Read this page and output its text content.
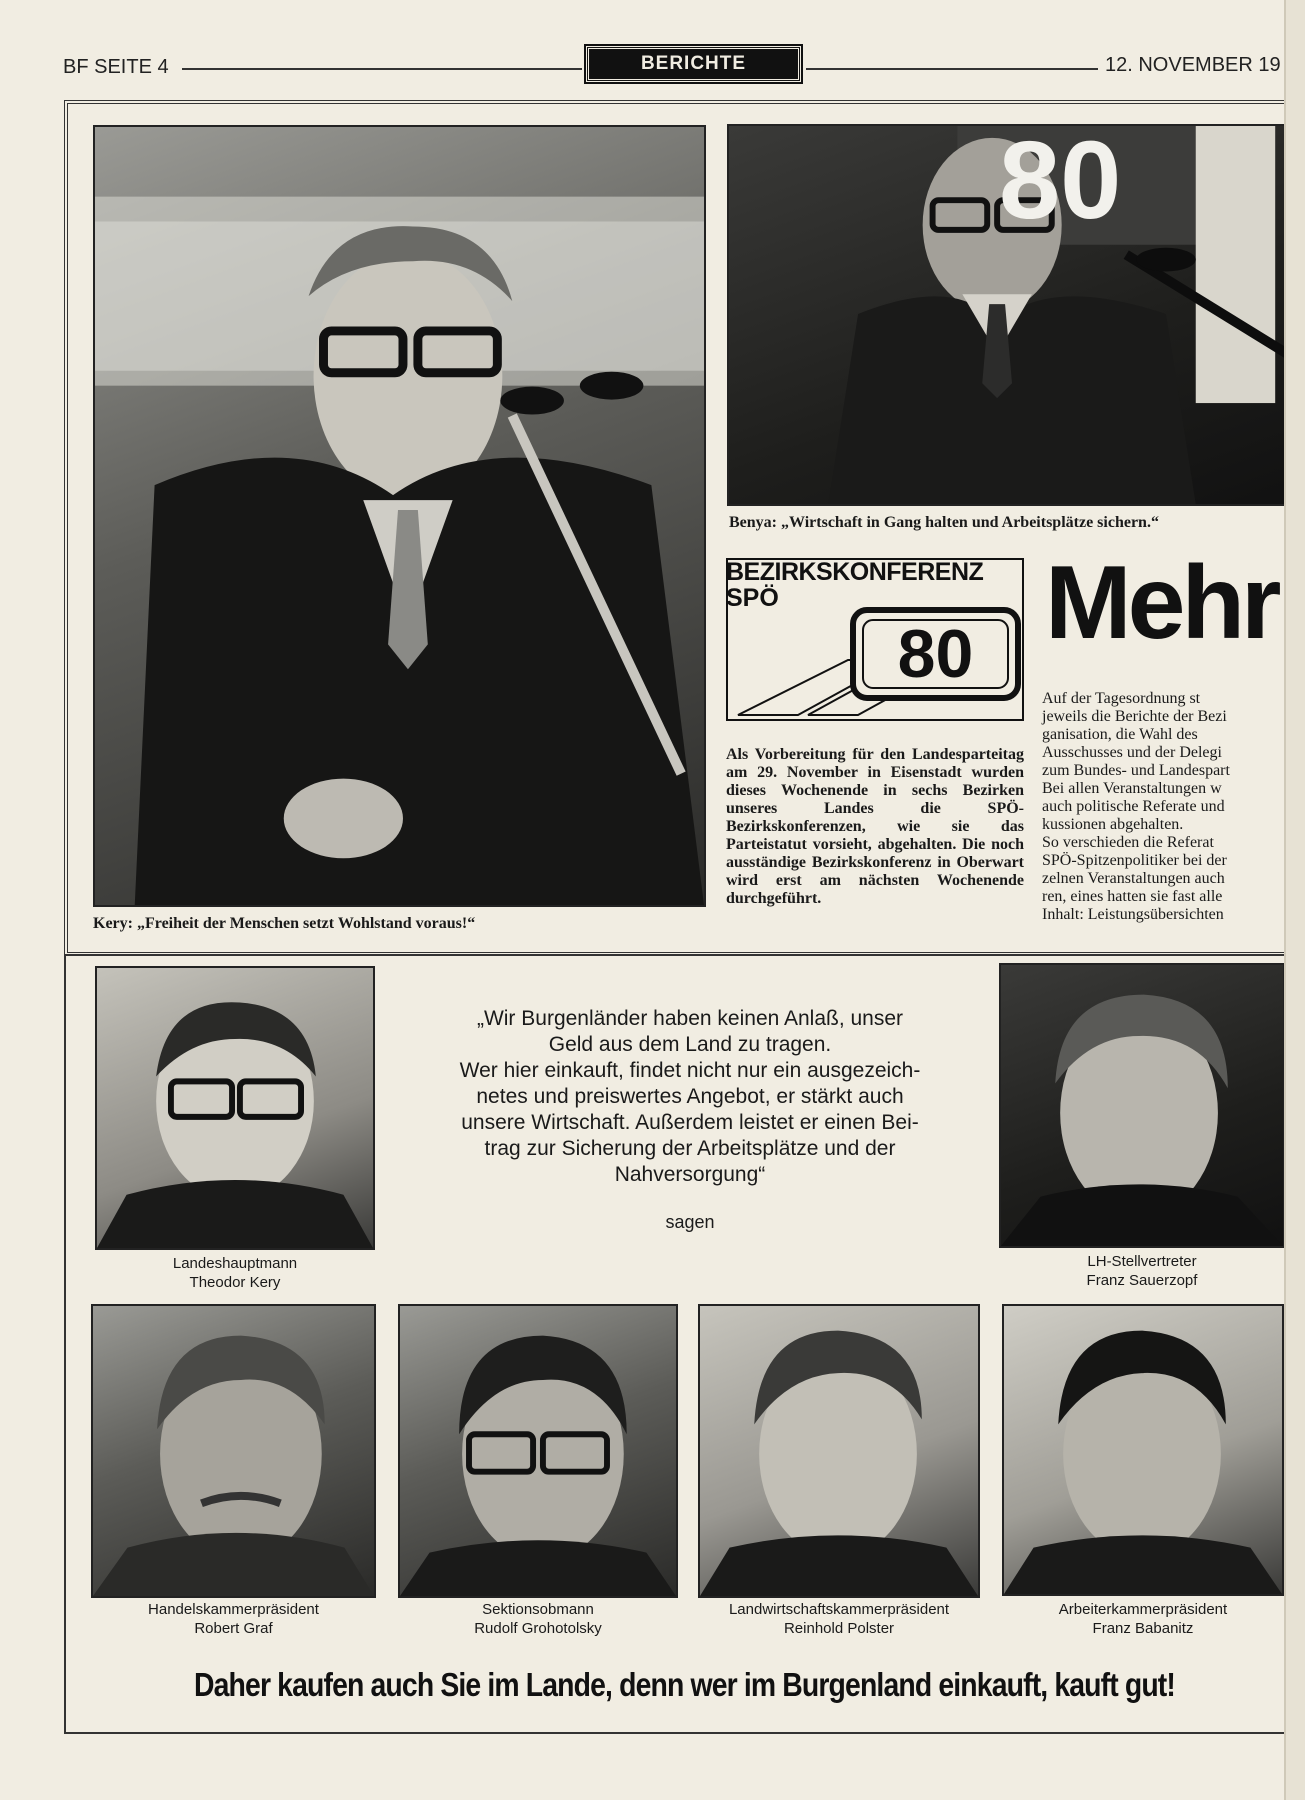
BF SEITE 4	BERICHTE	12. NOVEMBER 19
Kery: „Freiheit der Menschen setzt Wohlstand voraus!“
80
Benya: „Wirtschaft in Gang halten und Arbeitsplätze sichern.“
80
BEZIRKSKONFERENZ
SPÖ	Mehr

Als Vorbereitung für den Landesparteitag am 29. November in Eisenstadt wurden dieses Wochenende in sechs Bezirken unseres Landes die SPÖ-Bezirkskonferenzen, wie sie das Parteistatut vorsieht, abgehalten. Die noch ausständige Bezirkskonferenz in Oberwart wird erst am nächsten Wochenende durchgeführt.

Auf der Tagesordnung st
jeweils die Berichte der Bezi
ganisation, die Wahl des
Ausschusses und der Delegi
zum Bundes- und Landespart
Bei allen Veranstaltungen w
auch politische Referate und
kussionen abgehalten.
So verschieden die Referat
SPÖ-Spitzenpolitiker bei der
zelnen Veranstaltungen auch
ren, eines hatten sie fast alle
Inhalt: Leistungsübersichten
Landeshauptmann
Theodor Kery
„Wir Burgenländer haben keinen Anlaß, unser
Geld aus dem Land zu tragen.
Wer hier einkauft, findet nicht nur ein ausgezeich-
netes und preiswertes Angebot, er stärkt auch
unsere Wirtschaft. Außerdem leistet er einen Bei-
trag zur Sicherung der Arbeitsplätze und der
Nahversorgung“
sagen
LH-Stellvertreter
Franz Sauerzopf
Handelskammerpräsident
Robert Graf
Sektionsobmann
Rudolf Grohotolsky
Landwirtschaftskammerpräsident
Reinhold Polster
Arbeiterkammerpräsident
Franz Babanitz
Daher kaufen auch Sie im Lande, denn wer im Burgenland einkauft, kauft gut!
